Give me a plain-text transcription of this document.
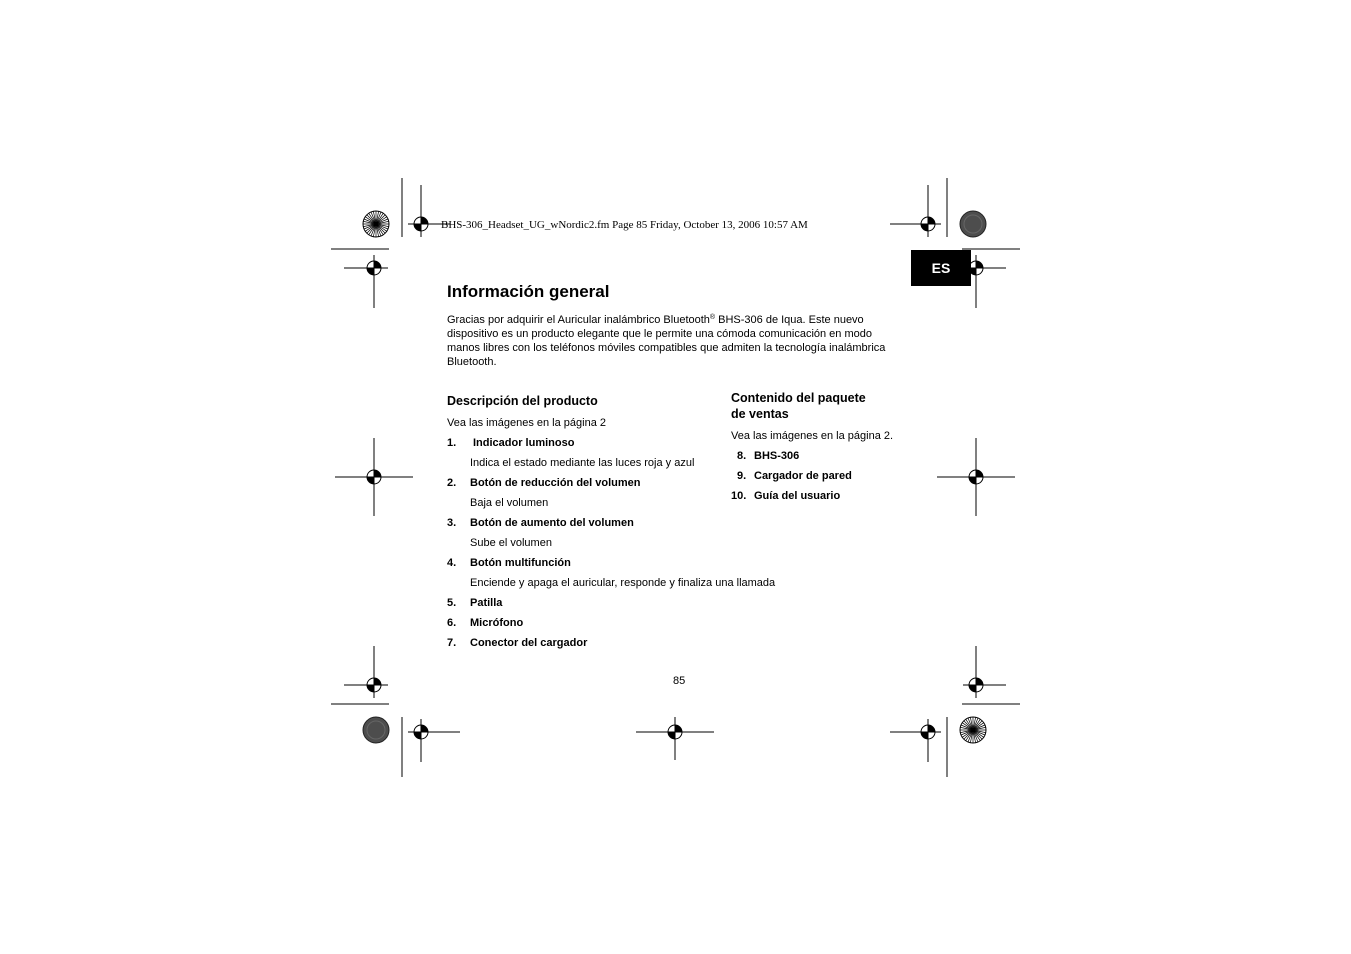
BHS-306_Headset_UG_wNordic2.fm Page 85 Friday, October 13, 2006 10:57 AM
ES
Información general
Gracias por adquirir el Auricular inalámbrico Bluetooth® BHS-306 de Iqua. Este nuevo dispositivo es un producto elegante que le permite una cómoda comunicación en modo manos libres con los teléfonos móviles compatibles que admiten la tecnología inalámbrica Bluetooth.
Descripción del producto
Vea las imágenes en la página 2
1. Indicador luminoso
Indica el estado mediante las luces roja y azul
2. Botón de reducción del volumen
Baja el volumen
3. Botón de aumento del volumen
Sube el volumen
4. Botón multifunción
Enciende y apaga el auricular, responde y finaliza una llamada
5. Patilla
6. Micrófono
7. Conector del cargador
Contenido del paquete
de ventas
Vea las imágenes en la página 2.
8. BHS-306
9. Cargador de pared
10. Guía del usuario
85
